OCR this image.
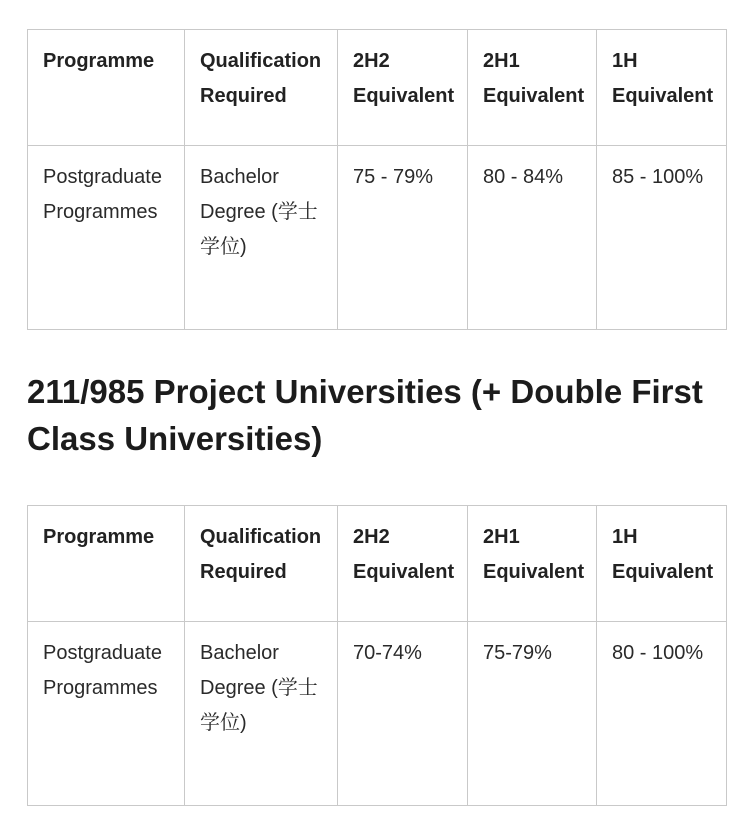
Programme	Qualification Required	2H2 Equivalent	2H1 Equivalent	1H Equivalent
Postgraduate Programmes	Bachelor Degree (学士学位)	75 - 79%	80 - 84%	85 - 100%
211/985 Project Universities (+ Double First Class Universities)
Programme	Qualification Required	2H2 Equivalent	2H1 Equivalent	1H Equivalent
Postgraduate Programmes	Bachelor Degree (学士学位)	70-74%	75-79%	80 - 100%
